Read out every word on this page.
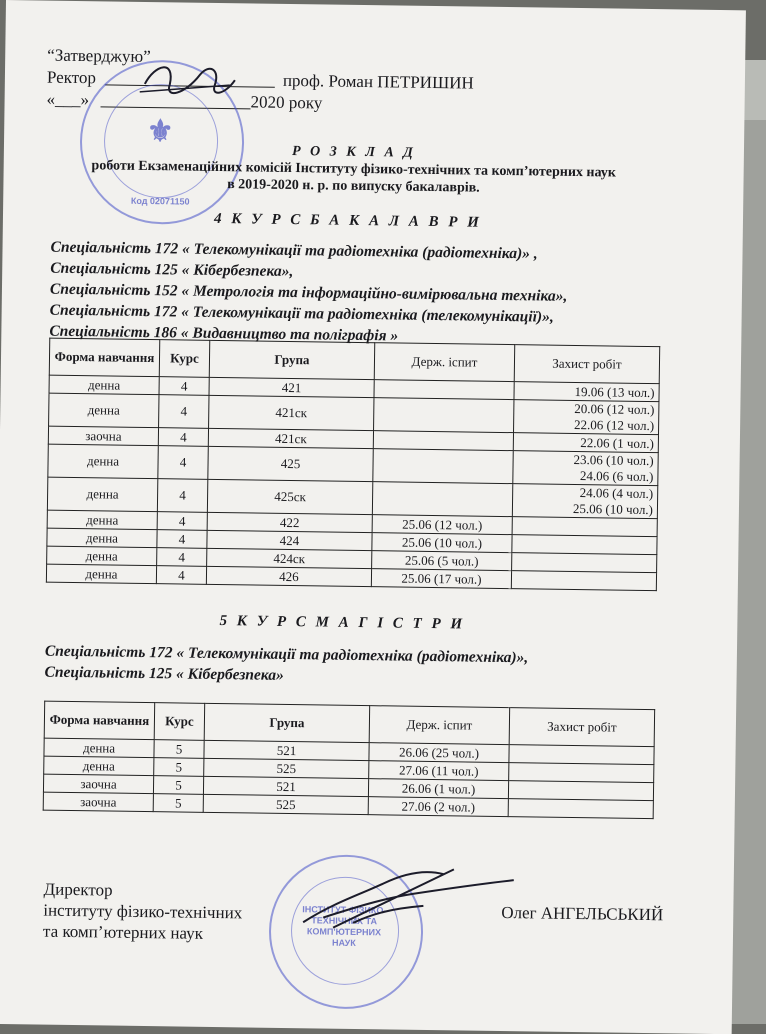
“Затверджую”
Ректор	проф. Роман ПЕТРИШИН
«___»	2020 року
⚜
Код 02071150
Р О З К Л А Д
роботи Екзаменаційних комісій Інституту фізико-технічних та комп’ютерних наук
в 2019-2020 н. р. по випуску бакалаврів.
4 К У Р С Б А К А Л А В Р И
Спеціальність 172 « Телекомунікації та радіотехніка (радіотехніка)» ,
Спеціальність 125 « Кібербезпека»,
Спеціальність 152 « Метрологія та інформаційно-вимірювальна техніка»,
Спеціальність 172 « Телекомунікації та радіотехніка (телекомунікації)»,
Спеціальність 186 « Видавництво та поліграфія »
Форма навчання	Курс	Група	Держ. іспит	Захист робіт
денна	4	421		19.06 (13 чол.)
денна	4	421ск		20.06 (12 чол.)
22.06 (12 чол.)

заочна	4	421ск		22.06 (1 чол.)
денна	4	425		23.06 (10 чол.)
24.06 (6 чол.)

денна	4	425ск		24.06 (4 чол.)
25.06 (10 чол.)

денна	4	422	25.06 (12 чол.)	
денна	4	424	25.06 (10 чол.)	
денна	4	424ск	25.06 (5 чол.)	
денна	4	426	25.06 (17 чол.)	
5 К У Р С М А Г І С Т Р И
Спеціальність 172 « Телекомунікації та радіотехніка (радіотехніка)»,
Спеціальність 125 « Кібербезпека»
Форма навчання	Курс	Група	Держ. іспит	Захист робіт
денна	5	521	26.06 (25 чол.)	
денна	5	525	27.06 (11 чол.)	
заочна	5	521	26.06 (1 чол.)	
заочна	5	525	27.06 (2 чол.)	
Директор
інституту фізико-технічних
та комп’ютерних наук
Олег АНГЕЛЬСЬКИЙ
ІНСТИТУТ ФІЗИКО-ТЕХНІЧНИХ ТА КОМП'ЮТЕРНИХ НАУК
